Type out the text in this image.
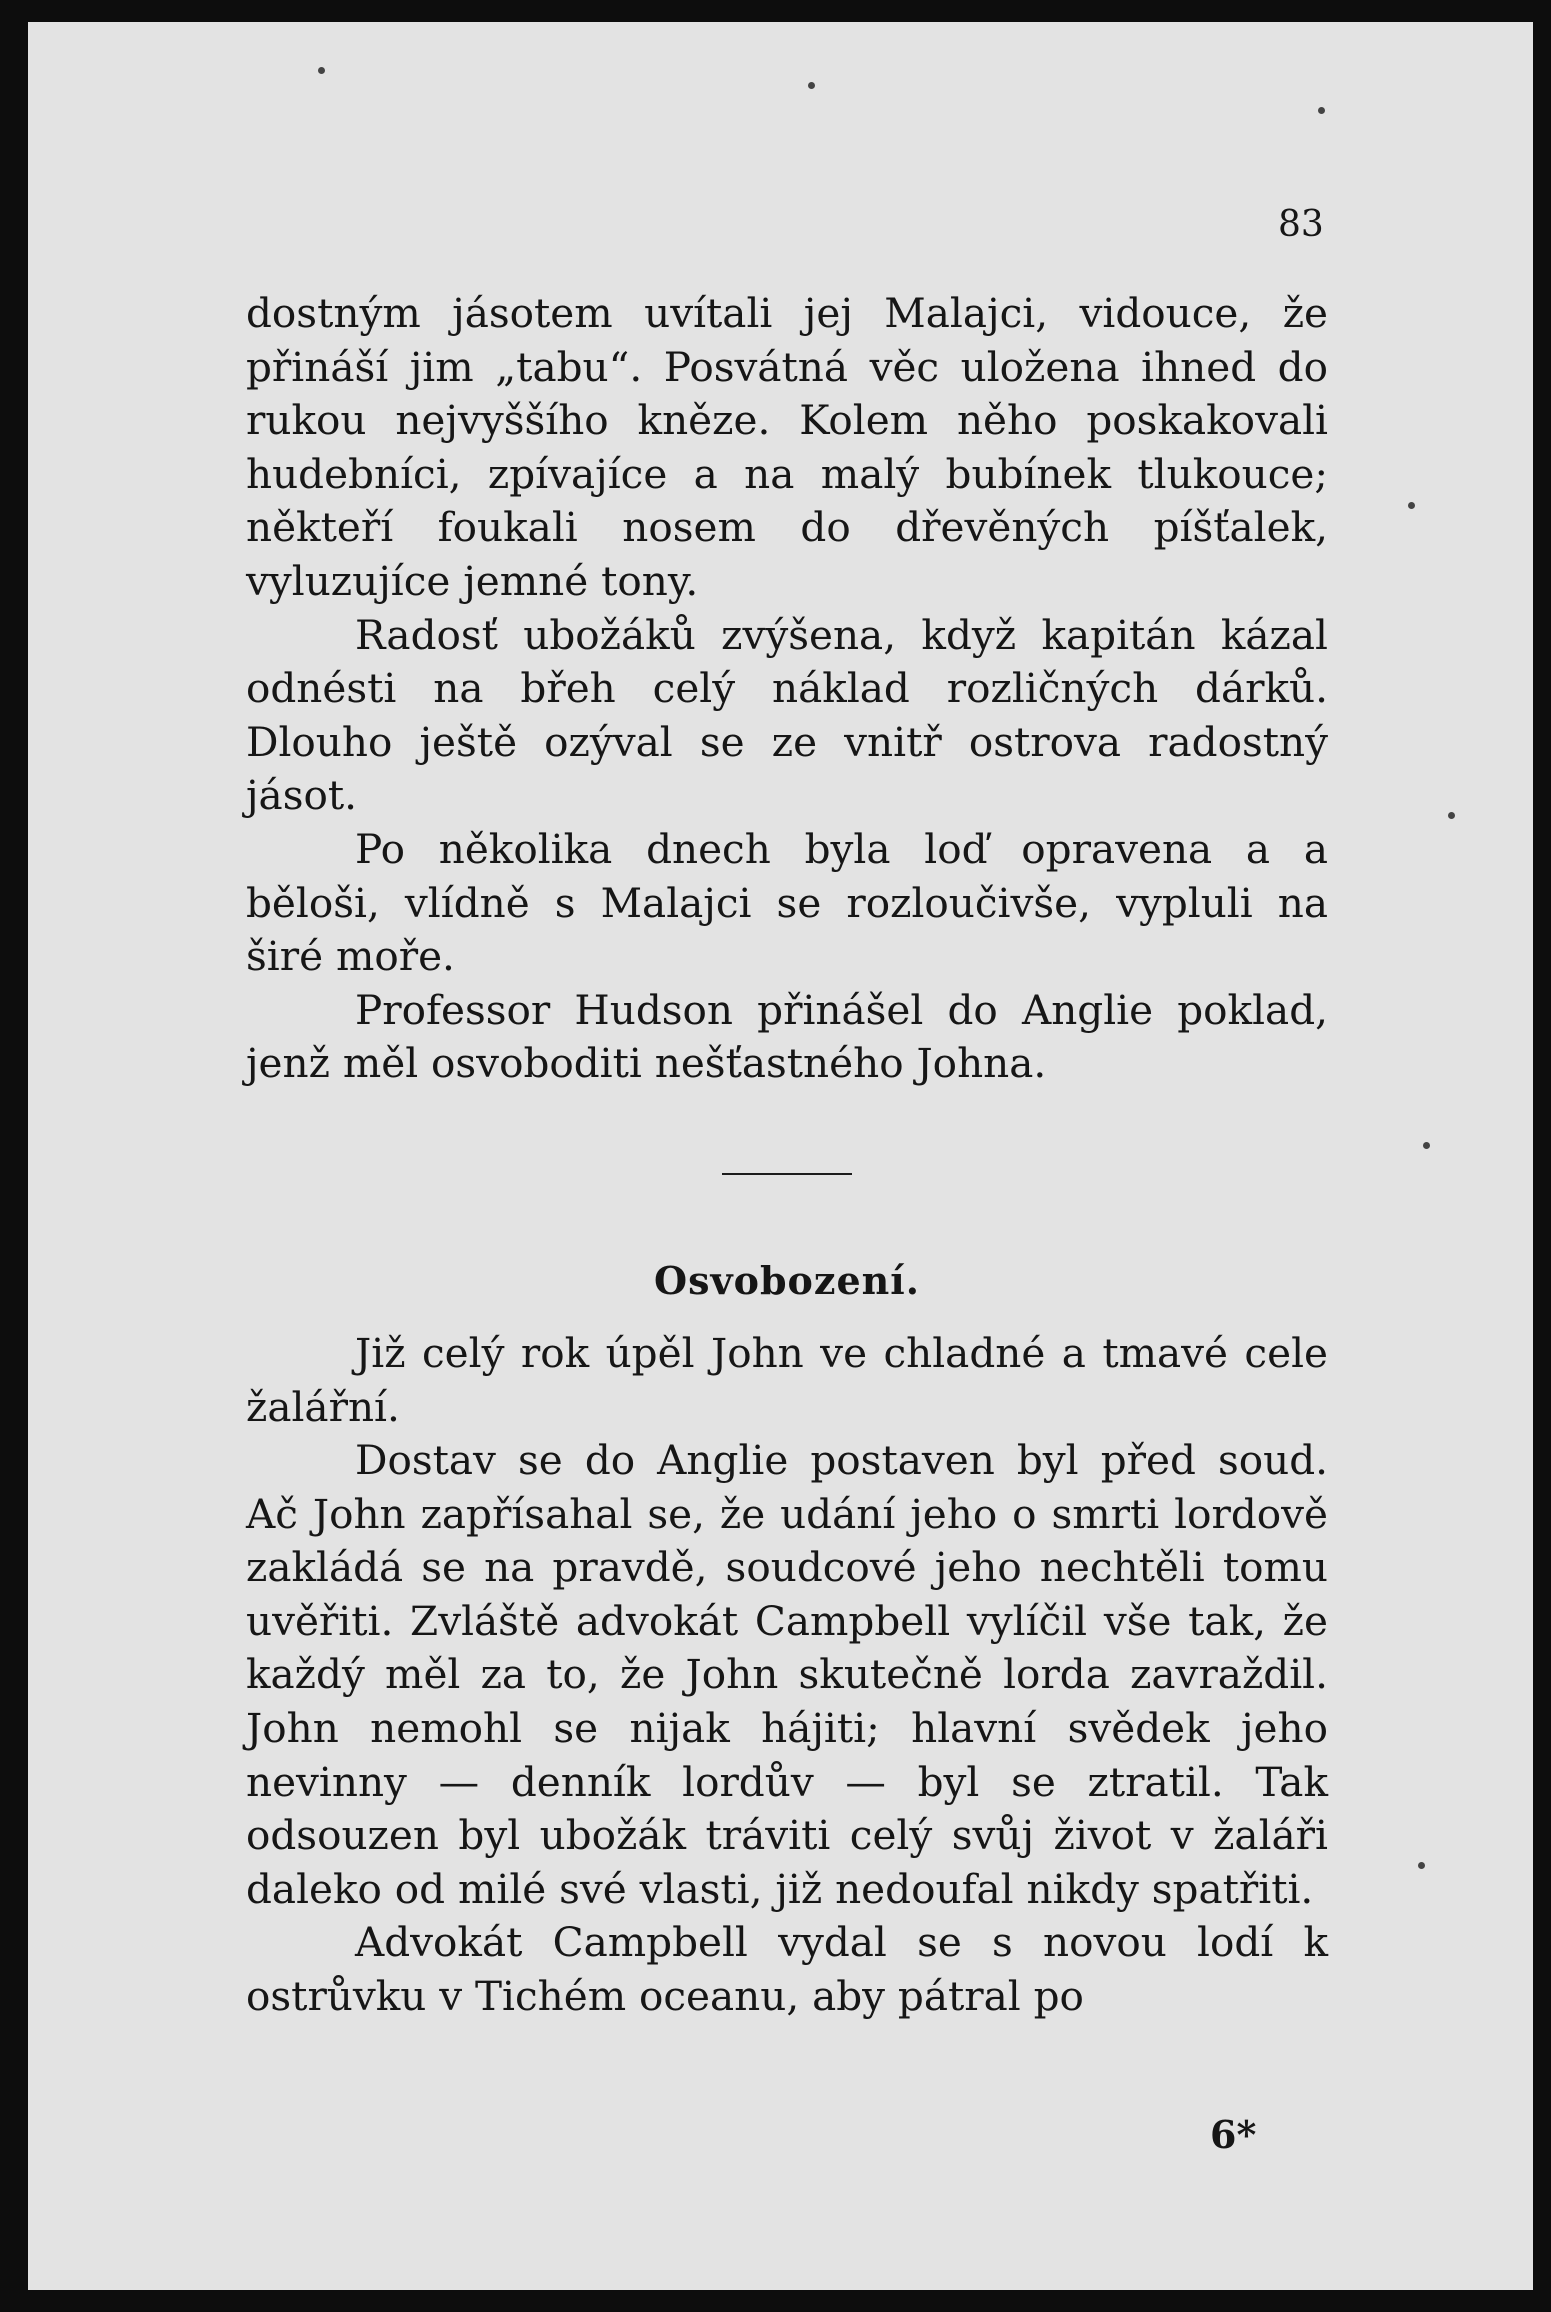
83

dostným jásotem uvítali jej Malajci, vidouce, že přináší jim „tabu“. Posvátná věc uložena ihned do rukou nejvyššího kněze. Kolem něho poskakovali hudebníci, zpívajíce a na malý bubínek tlukouce; někteří foukali nosem do dřevěných píšťalek, vyluzujíce jemné tony.

Radosť ubožáků zvýšena, když kapitán kázal odnésti na břeh celý náklad rozličných dárků. Dlouho ještě ozýval se ze vnitř ostrova radostný jásot.

Po několika dnech byla loď opravena a a běloši, vlídně s Malajci se rozloučivše, vypluli na širé moře.

Professor Hudson přinášel do Anglie poklad, jenž měl osvoboditi nešťastného Johna.

Osvobození.

Již celý rok úpěl John ve chladné a tmavé cele žalářní.

Dostav se do Anglie postaven byl před soud. Ač John zapřísahal se, že udání jeho o smrti lordově zakládá se na pravdě, soudcové jeho nechtěli tomu uvěřiti. Zvláště advokát Campbell vylíčil vše tak, že každý měl za to, že John skutečně lorda zavraždil. John nemohl se nijak hájiti; hlavní svědek jeho nevinny — denník lordův — byl se ztratil. Tak odsouzen byl ubožák tráviti celý svůj život v žaláři daleko od milé své vlasti, již nedoufal nikdy spatřiti.

Advokát Campbell vydal se s novou lodí k ostrůvku v Tichém oceanu, aby pátral po

6*
